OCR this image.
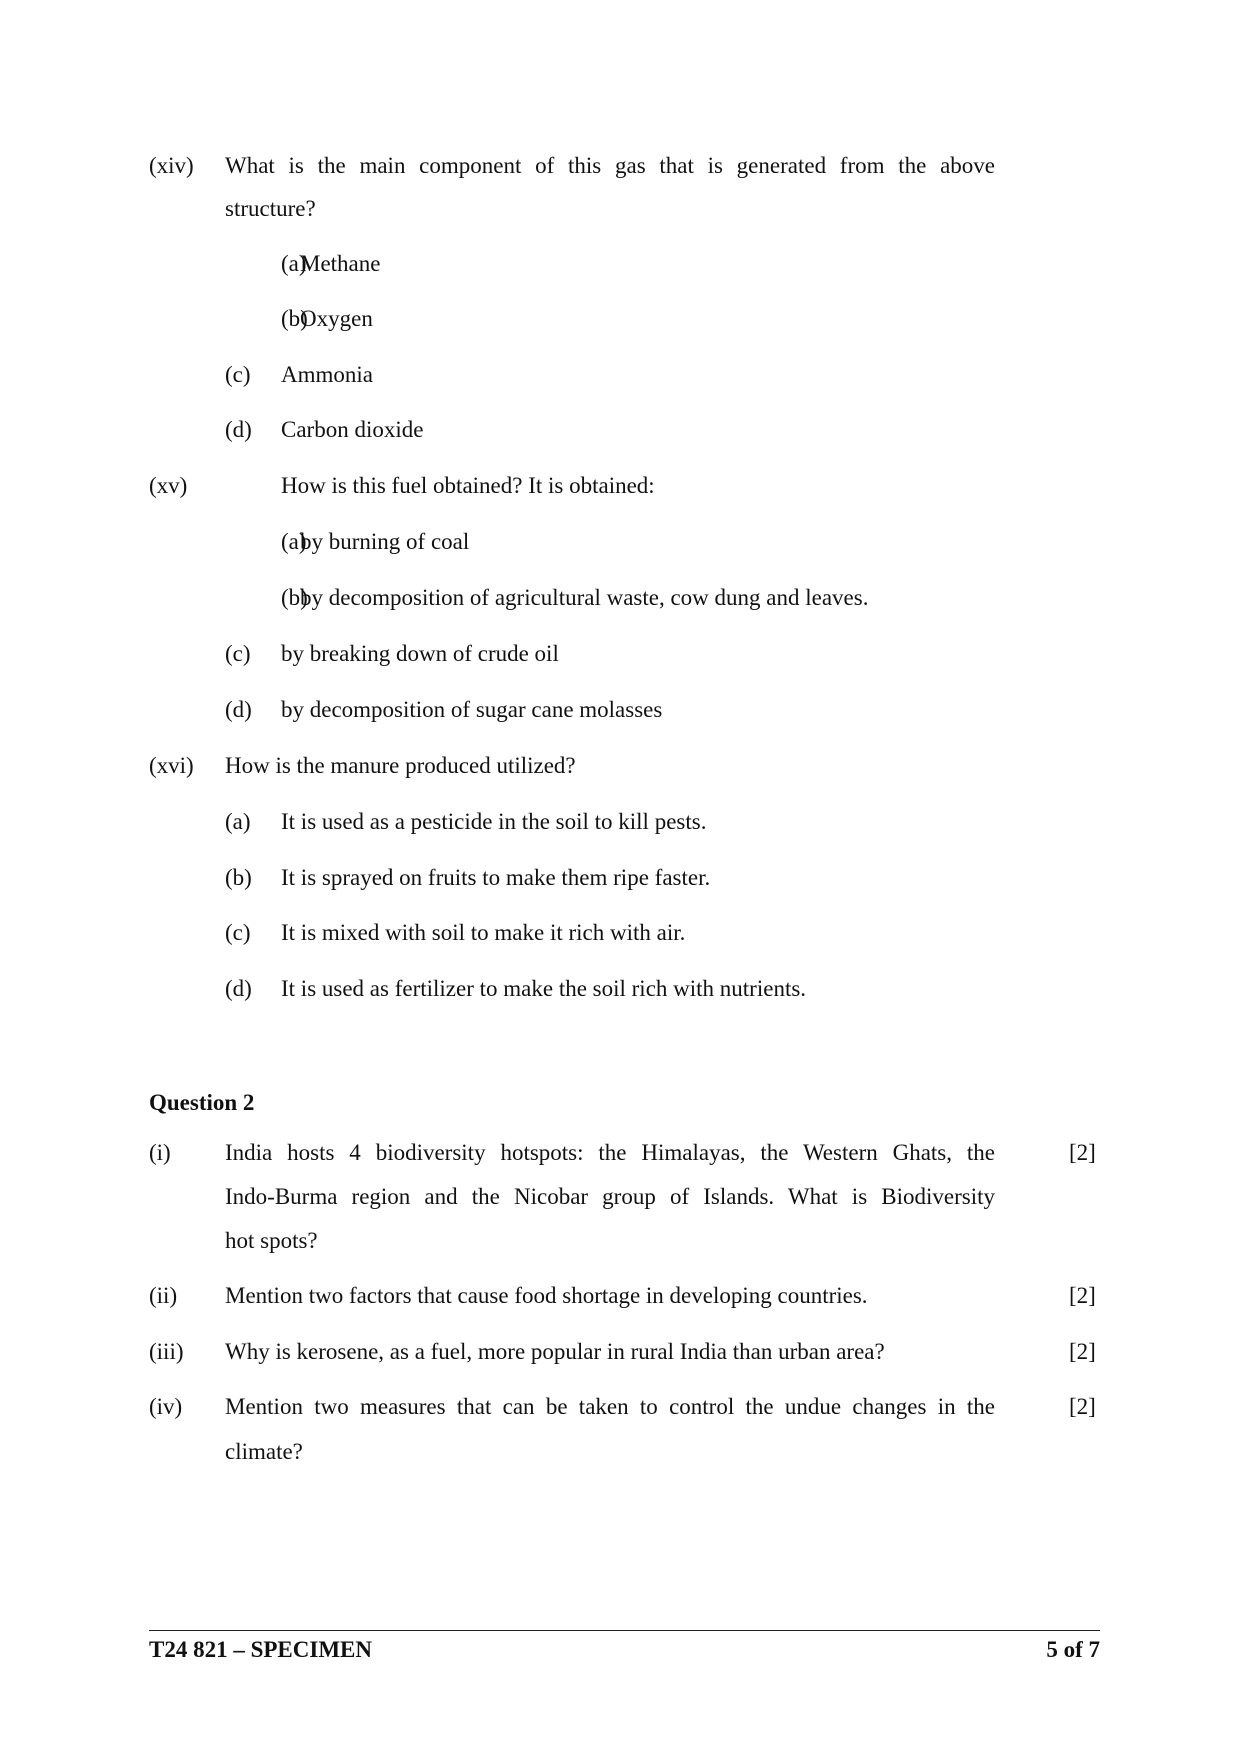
(xiv) What is the main component of this gas that is generated from the above
structure?
(a)
Methane
(b)
Oxygen
(c) Ammonia
(d) Carbon dioxide
(xv)	How is this fuel obtained? It is obtained:
(a)
by burning of coal
(b)
by decomposition of agricultural waste, cow dung and leaves.
(c) by breaking down of crude oil
(d) by decomposition of sugar cane molasses
(xvi) How is the manure produced utilized?
(a) It is used as a pesticide in the soil to kill pests.
(b) It is sprayed on fruits to make them ripe faster.
(c) It is mixed with soil to make it rich with air.
(d) It is used as fertilizer to make the soil rich with nutrients.
Question 2
(i) India hosts 4 biodiversity hotspots: the Himalayas, the Western Ghats, the
Indo-Burma region and the Nicobar group of Islands. What is Biodiversity
hot spots?
[2]
(ii) Mention two factors that cause food shortage in developing countries.	[2]
(iii) Why is kerosene, as a fuel, more popular in rural India than urban area?	[2]
(iv) Mention two measures that can be taken to control the undue changes in the
climate?
[2]
T24 821 – SPECIMEN	5 of 7
